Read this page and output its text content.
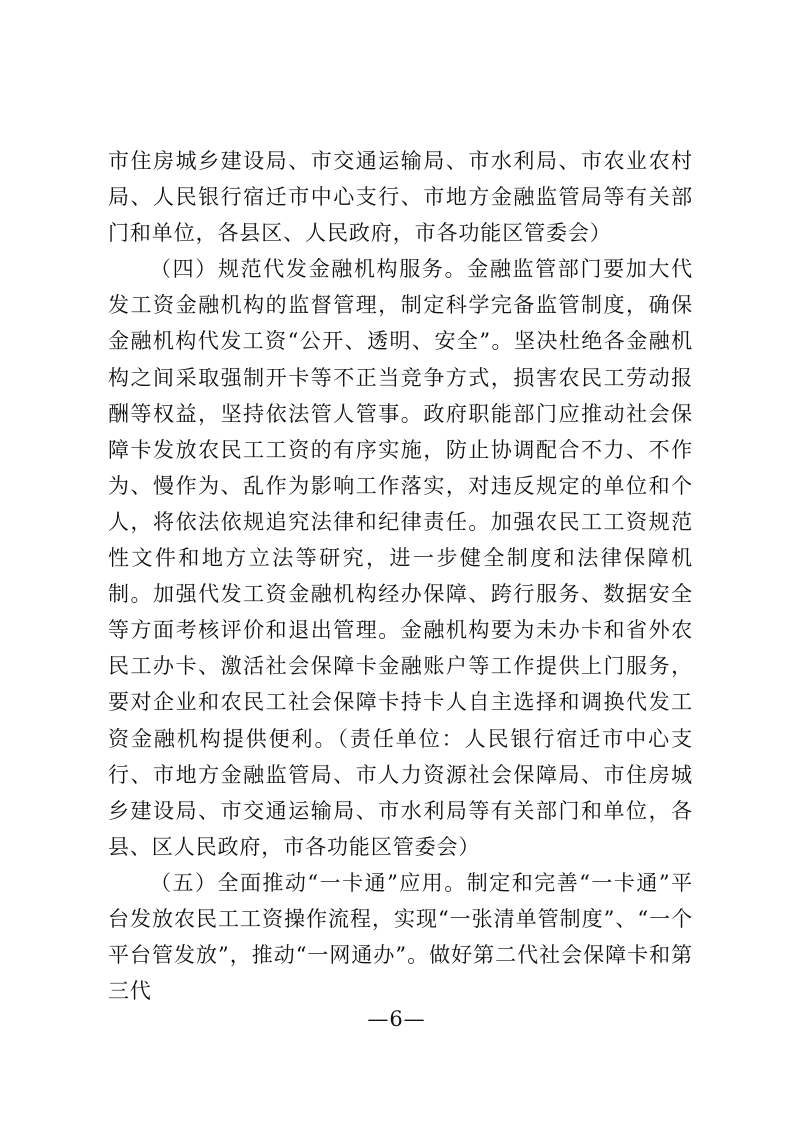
市住房城乡建设局、市交通运输局、市水利局、市农业农村局、人民银行宿迁市中心支行、市地方金融监管局等有关部门和单位，各县区、人民政府，市各功能区管委会）

（四）规范代发金融机构服务。金融监管部门要加大代发工资金融机构的监督管理，制定科学完备监管制度，确保金融机构代发工资“公开、透明、安全”。坚决杜绝各金融机构之间采取强制开卡等不正当竞争方式，损害农民工劳动报酬等权益，坚持依法管人管事。政府职能部门应推动社会保障卡发放农民工工资的有序实施，防止协调配合不力、不作为、慢作为、乱作为影响工作落实，对违反规定的单位和个人，将依法依规追究法律和纪律责任。加强农民工工资规范性文件和地方立法等研究，进一步健全制度和法律保障机制。加强代发工资金融机构经办保障、跨行服务、数据安全等方面考核评价和退出管理。金融机构要为未办卡和省外农民工办卡、激活社会保障卡金融账户等工作提供上门服务，要对企业和农民工社会保障卡持卡人自主选择和调换代发工资金融机构提供便利。（责任单位：人民银行宿迁市中心支行、市地方金融监管局、市人力资源社会保障局、市住房城乡建设局、市交通运输局、市水利局等有关部门和单位，各县、区人民政府，市各功能区管委会）

（五）全面推动“一卡通”应用。制定和完善“一卡通”平台发放农民工工资操作流程，实现“一张清单管制度”、“一个平台管发放”，推动“一网通办”。做好第二代社会保障卡和第三代

—6—
